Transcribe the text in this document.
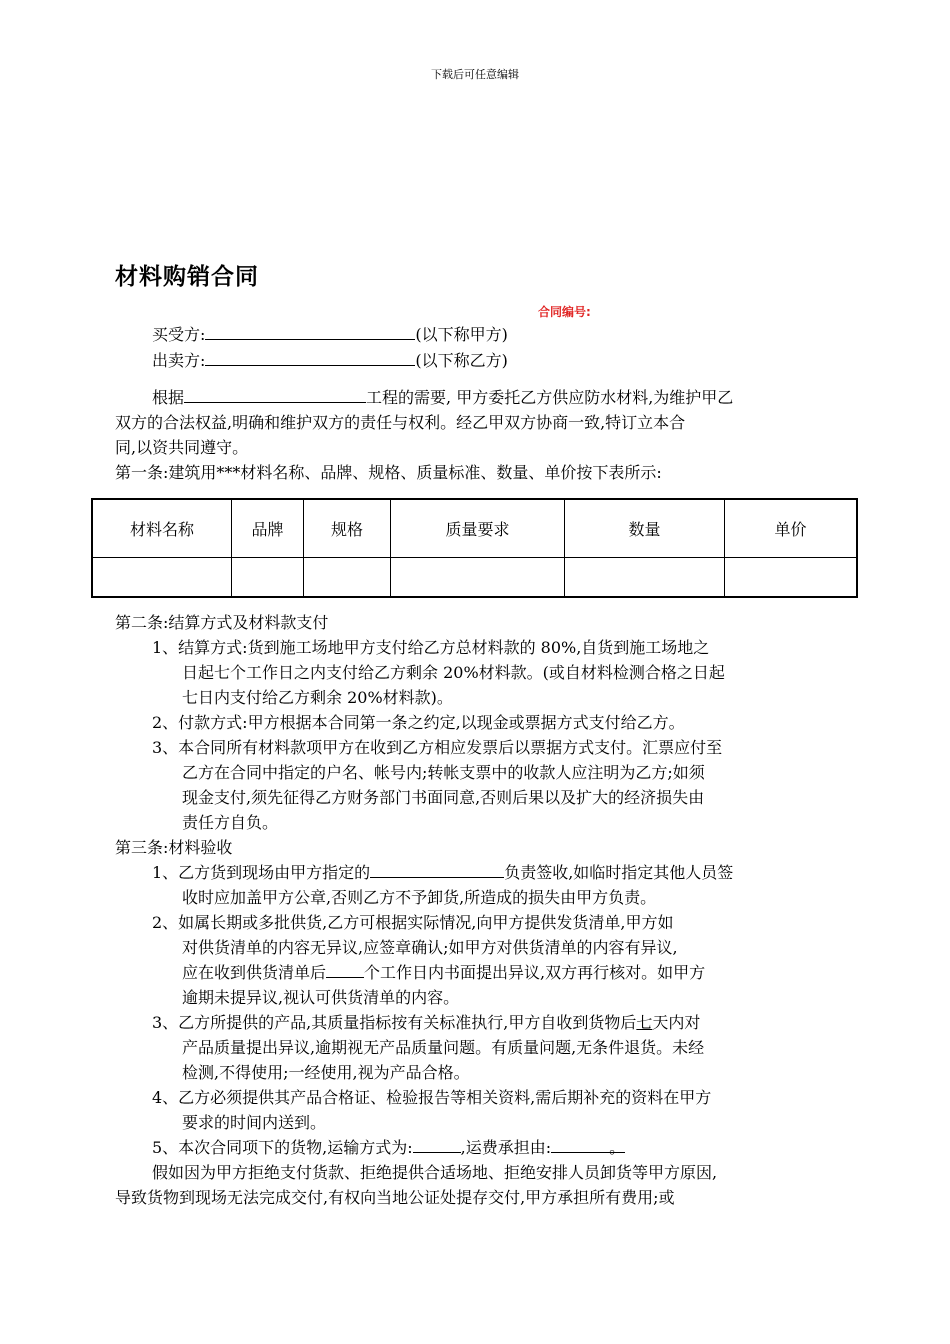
下载后可任意编辑
材料购销合同
合同编号:
买受方:	(以下称甲方)
出卖方:	(以下称乙方)
根据	工程的需要, 甲方委托乙方供应防水材料,为维护甲乙
双方的合法权益,明确和维护双方的责任与权利。经乙甲双方协商一致,特订立本合
同,以资共同遵守。
第一条:建筑用***材料名称、品牌、规格、质量标准、数量、单价按下表所示:
材料名称	品牌	规格	质量要求	数量	单价

第二条:结算方式及材料款支付
1、结算方式:货到施工场地甲方支付给乙方总材料款的 80%,自货到施工场地之
日起七个工作日之内支付给乙方剩余 20%材料款。(或自材料检测合格之日起
七日内支付给乙方剩余 20%材料款)。
2、付款方式:甲方根据本合同第一条之约定,以现金或票据方式支付给乙方。
3、本合同所有材料款项甲方在收到乙方相应发票后以票据方式支付。汇票应付至
乙方在合同中指定的户名、帐号内;转帐支票中的收款人应注明为乙方;如须
现金支付,须先征得乙方财务部门书面同意,否则后果以及扩大的经济损失由
责任方自负。
第三条:材料验收
1、乙方货到现场由甲方指定的	负责签收,如临时指定其他人员签
收时应加盖甲方公章,否则乙方不予卸货,所造成的损失由甲方负责。
2、如属长期或多批供货,乙方可根据实际情况,向甲方提供发货清单,甲方如
对供货清单的内容无异议,应签章确认;如甲方对供货清单的内容有异议,
应在收到供货清单后 个工作日内书面提出异议,双方再行核对。如甲方
逾期未提异议,视认可供货清单的内容。
3、乙方所提供的产品,其质量指标按有关标准执行,甲方自收到货物后七天内对
产品质量提出异议,逾期视无产品质量问题。有质量问题,无条件退货。未经
检测,不得使用;一经使用,视为产品合格。
4、乙方必须提供其产品合格证、检验报告等相关资料,需后期补充的资料在甲方
要求的时间内送到。
5、本次合同项下的货物,运输方式为:	,运费承担由:	。
假如因为甲方拒绝支付货款、拒绝提供合适场地、拒绝安排人员卸货等甲方原因,
导致货物到现场无法完成交付,有权向当地公证处提存交付,甲方承担所有费用;或
